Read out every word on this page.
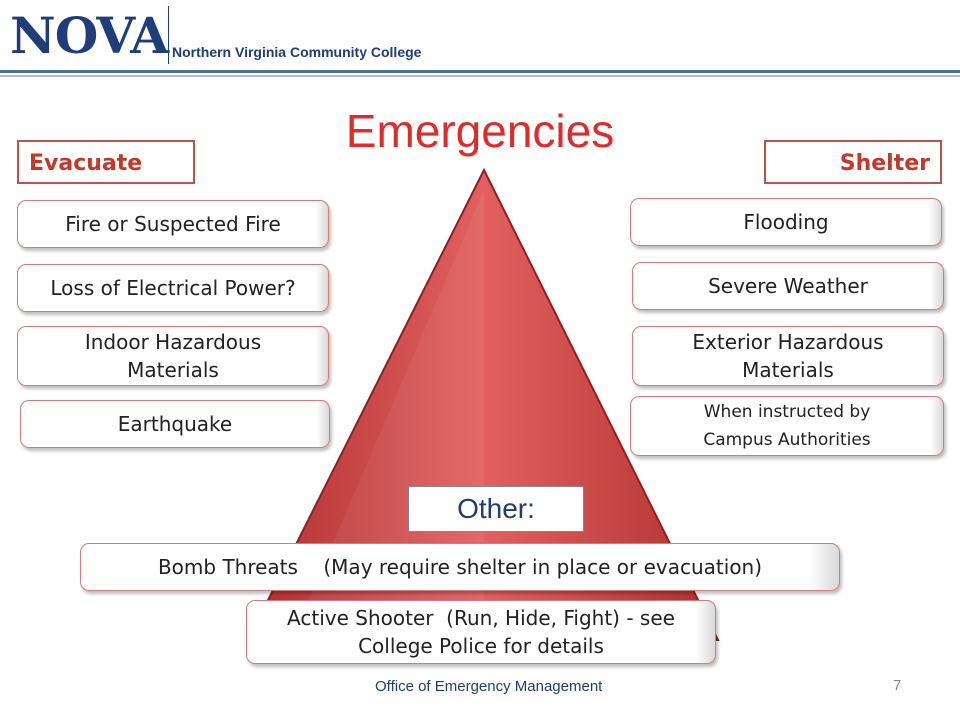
NOVA Northern Virginia Community College
Emergencies
Evacuate	Shelter
Fire or Suspected Fire
Loss of Electrical Power?
Indoor Hazardous Materials
Earthquake
Flooding
Severe Weather
Exterior Hazardous Materials
When instructed by Campus Authorities
Other:
Bomb Threats    (May require shelter in place or evacuation)
Active Shooter  (Run, Hide, Fight) - see College Police for details
Office of Emergency Management	7
